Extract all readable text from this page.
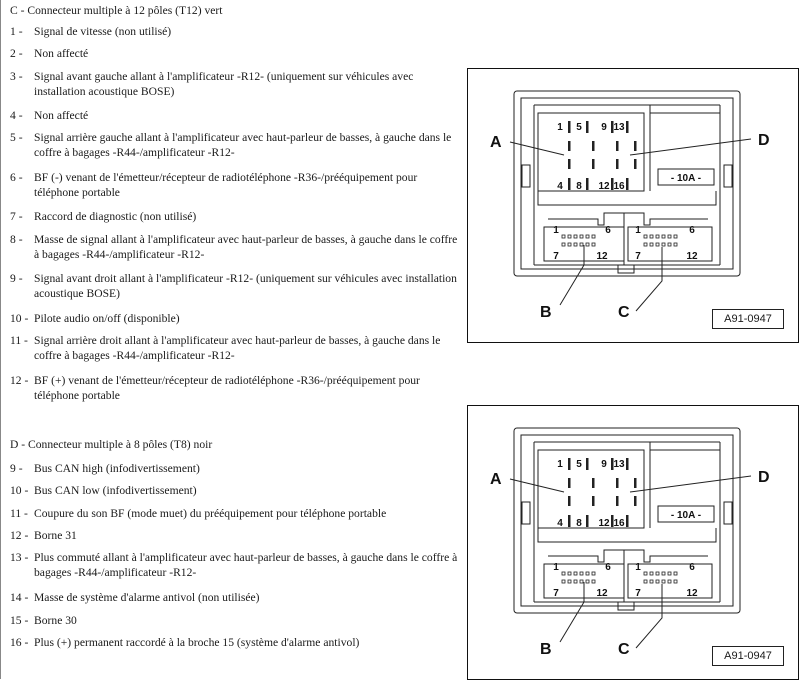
C - Connecteur multiple à 12 pôles (T12) vert
1 - Signal de vitesse (non utilisé)
2 - Non affecté
3 - Signal avant gauche allant à l'amplificateur -R12- (uniquement sur véhicules avec installation acoustique BOSE)
4 - Non affecté
5 - Signal arrière gauche allant à l'amplificateur avec haut-parleur de basses, à gauche dans le coffre à bagages -R44-/amplificateur -R12-
6 - BF (-) venant de l'émetteur/récepteur de radiotéléphone -R36-/prééquipement pour téléphone portable
7 - Raccord de diagnostic (non utilisé)
8 - Masse de signal allant à l'amplificateur avec haut-parleur de basses, à gauche dans le coffre à bagages -R44-/amplificateur -R12-
9 - Signal avant droit allant à l'amplificateur -R12- (uniquement sur véhicules avec installation acoustique BOSE)
10 - Pilote audio on/off (disponible)
11 - Signal arrière droit allant à l'amplificateur avec haut-parleur de basses, à gauche dans le coffre à bagages -R44-/amplificateur -R12-
12 - BF (+) venant de l'émetteur/récepteur de radiotéléphone -R36-/prééquipement pour téléphone portable
D - Connecteur multiple à 8 pôles (T8) noir
9 - Bus CAN high (infodivertissement)
10 - Bus CAN low (infodivertissement)
11 - Coupure du son BF (mode muet) du prééquipement pour téléphone portable
12 - Borne 31
13 - Plus commuté allant à l'amplificateur avec haut-parleur de basses, à gauche dans le coffre à bagages -R44-/amplificateur -R12-
14 - Masse de système d'alarme antivol (non utilisée)
15 - Borne 30
16 - Plus (+) permanent raccordé à la broche 15 (système d'alarme antivol)
1 5 9 13
4 8 12 16
- 10A -
1	6
7	12
1	6
7	12
A	D
B	C	A91-0947
1 5 9 13
4 8 12 16
- 10A -
1	6
7	12
1	6
7	12
A	D
B	C	A91-0947
